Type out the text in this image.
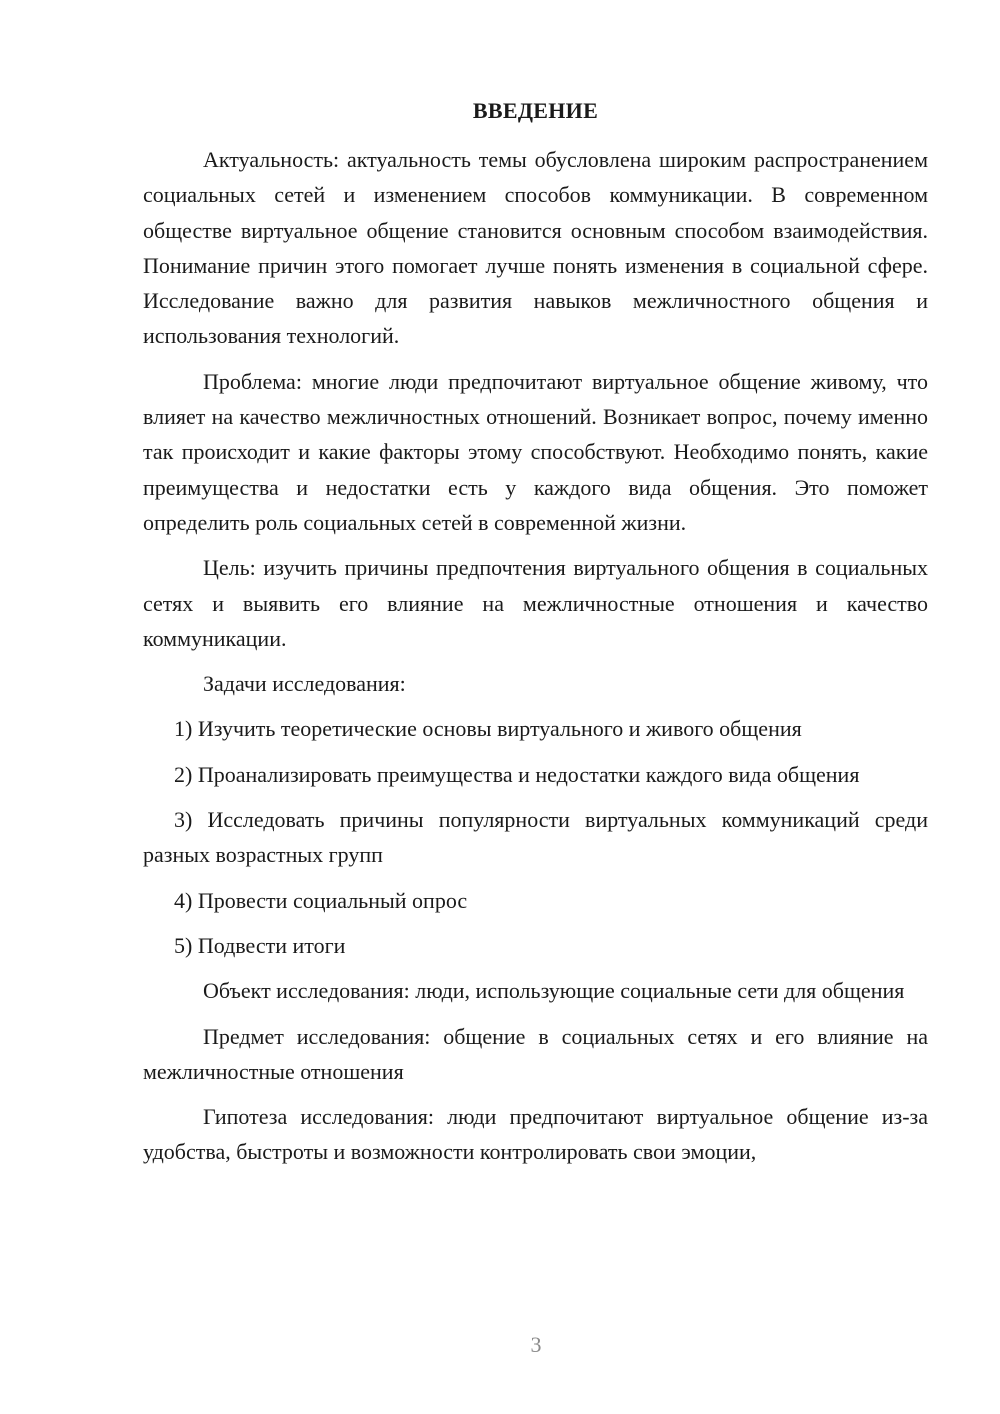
ВВЕДЕНИЕ

Актуальность: актуальность темы обусловлена широким распространением социальных сетей и изменением способов коммуникации. В современном обществе виртуальное общение становится основным способом взаимодействия. Понимание причин этого помогает лучше понять изменения в социальной сфере. Исследование важно для развития навыков межличностного общения и использования технологий.

Проблема: многие люди предпочитают виртуальное общение живому, что влияет на качество межличностных отношений. Возникает вопрос, почему именно так происходит и какие факторы этому способствуют. Необходимо понять, какие преимущества и недостатки есть у каждого вида общения. Это поможет определить роль социальных сетей в современной жизни.

Цель: изучить причины предпочтения виртуального общения в социальных сетях и выявить его влияние на межличностные отношения и качество коммуникации.

Задачи исследования:

1) Изучить теоретические основы виртуального и живого общения

2) Проанализировать преимущества и недостатки каждого вида общения

3) Исследовать причины популярности виртуальных коммуникаций среди разных возрастных групп

4) Провести социальный опрос

5) Подвести итоги

Объект исследования: люди, использующие социальные сети для общения

Предмет исследования: общение в социальных сетях и его влияние на межличностные отношения

Гипотеза исследования: люди предпочитают виртуальное общение из-за удобства, быстроты и возможности контролировать свои эмоции,

3
